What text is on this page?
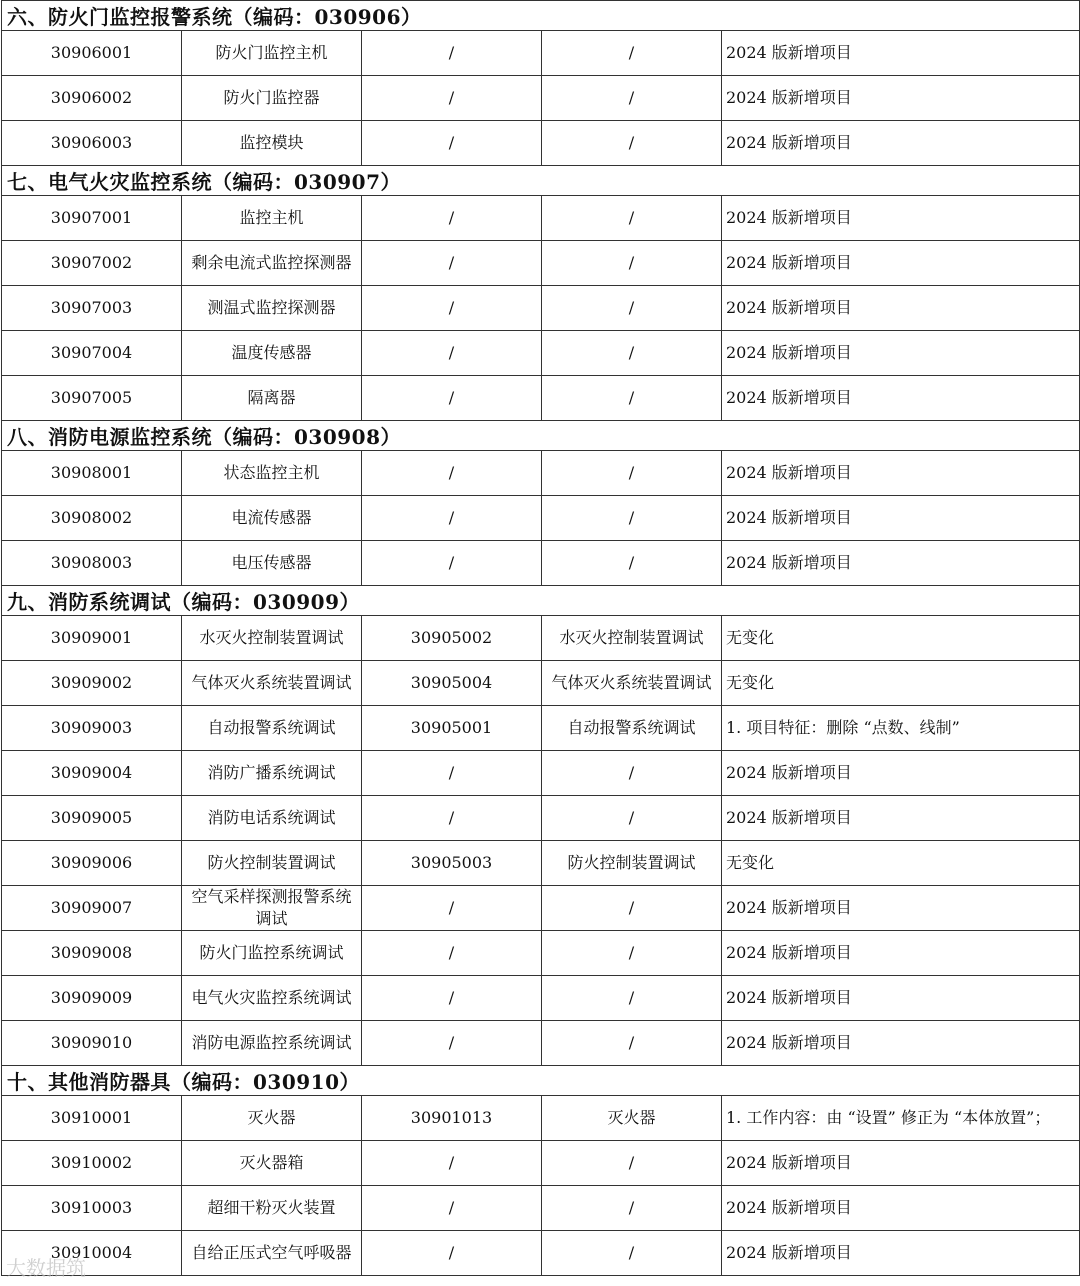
六、防火门监控报警系统（编码：030906）				
30906001	防火门监控主机	/	/	2024 版新增项目
30906002	防火门监控器	/	/	2024 版新增项目
30906003	监控模块	/	/	2024 版新增项目
七、电气火灾监控系统（编码：030907）				
30907001	监控主机	/	/	2024 版新增项目
30907002	剩余电流式监控探测器	/	/	2024 版新增项目
30907003	测温式监控探测器	/	/	2024 版新增项目
30907004	温度传感器	/	/	2024 版新增项目
30907005	隔离器	/	/	2024 版新增项目
八、消防电源监控系统（编码：030908）				
30908001	状态监控主机	/	/	2024 版新增项目
30908002	电流传感器	/	/	2024 版新增项目
30908003	电压传感器	/	/	2024 版新增项目
九、消防系统调试（编码：030909）				
30909001	水灭火控制装置调试	30905002	水灭火控制装置调试	无变化
30909002	气体灭火系统装置调试	30905004	气体灭火系统装置调试	无变化
30909003	自动报警系统调试	30905001	自动报警系统调试	1. 项目特征：删除 “点数、线制”
30909004	消防广播系统调试	/	/	2024 版新增项目
30909005	消防电话系统调试	/	/	2024 版新增项目
30909006	防火控制装置调试	30905003	防火控制装置调试	无变化
30909007	空气采样探测报警系统调试	/	/	2024 版新增项目
30909008	防火门监控系统调试	/	/	2024 版新增项目
30909009	电气火灾监控系统调试	/	/	2024 版新增项目
30909010	消防电源监控系统调试	/	/	2024 版新增项目
十、其他消防器具（编码：030910）				
30910001	灭火器	30901013	灭火器	1. 工作内容：由 “设置” 修正为 “本体放置”；
30910002	灭火器箱	/	/	2024 版新增项目
30910003	超细干粉灭火装置	/	/	2024 版新增项目
30910004	自给正压式空气呼吸器	/	/	2024 版新增项目
大数据筑
